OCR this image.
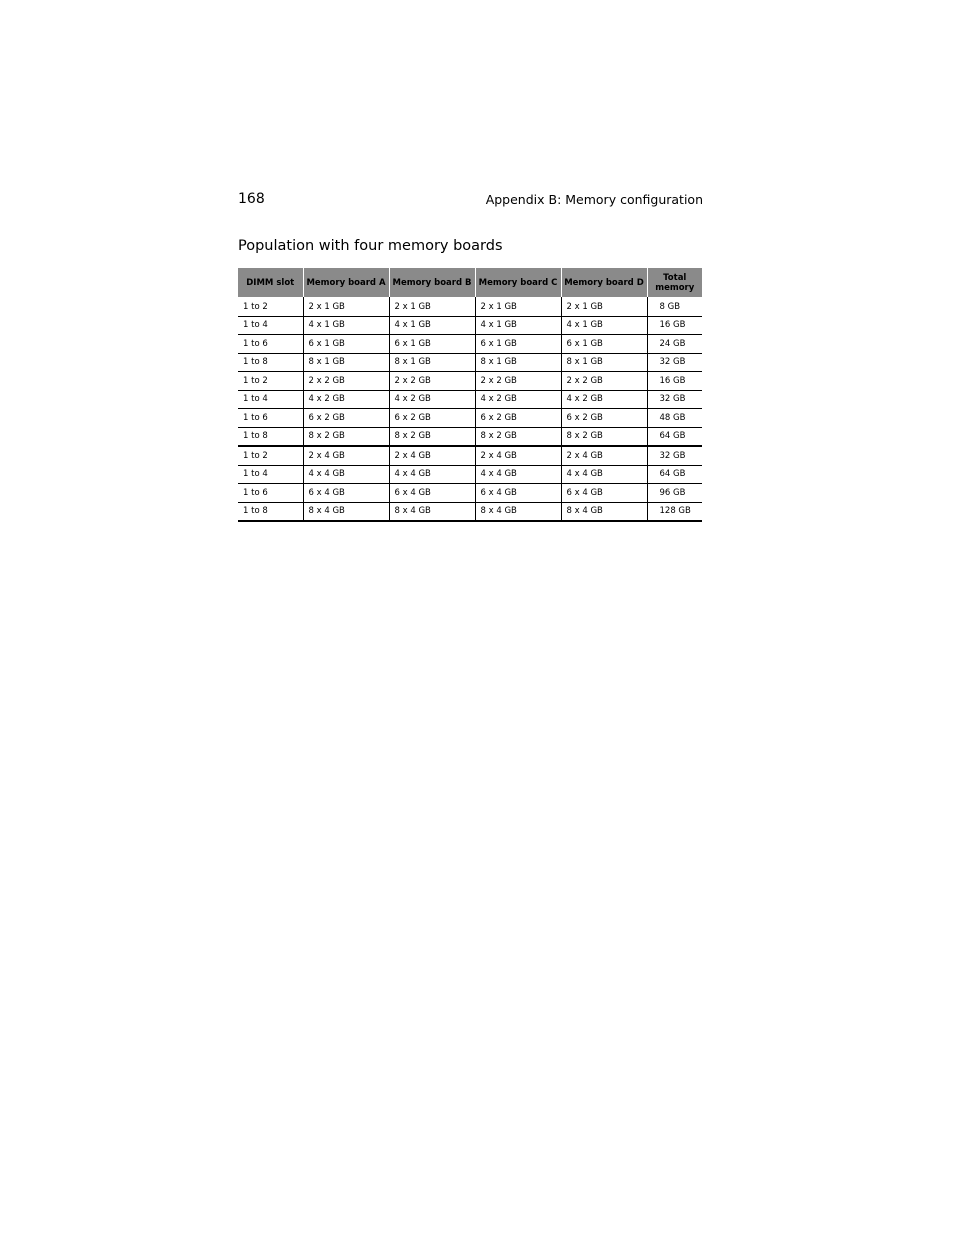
168	Appendix B: Memory configuration
Population with four memory boards
DIMM slot	Memory board A	Memory board B	Memory board C	Memory board D	Total memory
1 to 2	2 x 1 GB	2 x 1 GB	2 x 1 GB	2 x 1 GB	8 GB
1 to 4	4 x 1 GB	4 x 1 GB	4 x 1 GB	4 x 1 GB	16 GB
1 to 6	6 x 1 GB	6 x 1 GB	6 x 1 GB	6 x 1 GB	24 GB
1 to 8	8 x 1 GB	8 x 1 GB	8 x 1 GB	8 x 1 GB	32 GB
1 to 2	2 x 2 GB	2 x 2 GB	2 x 2 GB	2 x 2 GB	16 GB
1 to 4	4 x 2 GB	4 x 2 GB	4 x 2 GB	4 x 2 GB	32 GB
1 to 6	6 x 2 GB	6 x 2 GB	6 x 2 GB	6 x 2 GB	48 GB
1 to 8	8 x 2 GB	8 x 2 GB	8 x 2 GB	8 x 2 GB	64 GB
1 to 2	2 x 4 GB	2 x 4 GB	2 x 4 GB	2 x 4 GB	32 GB
1 to 4	4 x 4 GB	4 x 4 GB	4 x 4 GB	4 x 4 GB	64 GB
1 to 6	6 x 4 GB	6 x 4 GB	6 x 4 GB	6 x 4 GB	96 GB
1 to 8	8 x 4 GB	8 x 4 GB	8 x 4 GB	8 x 4 GB	128 GB
